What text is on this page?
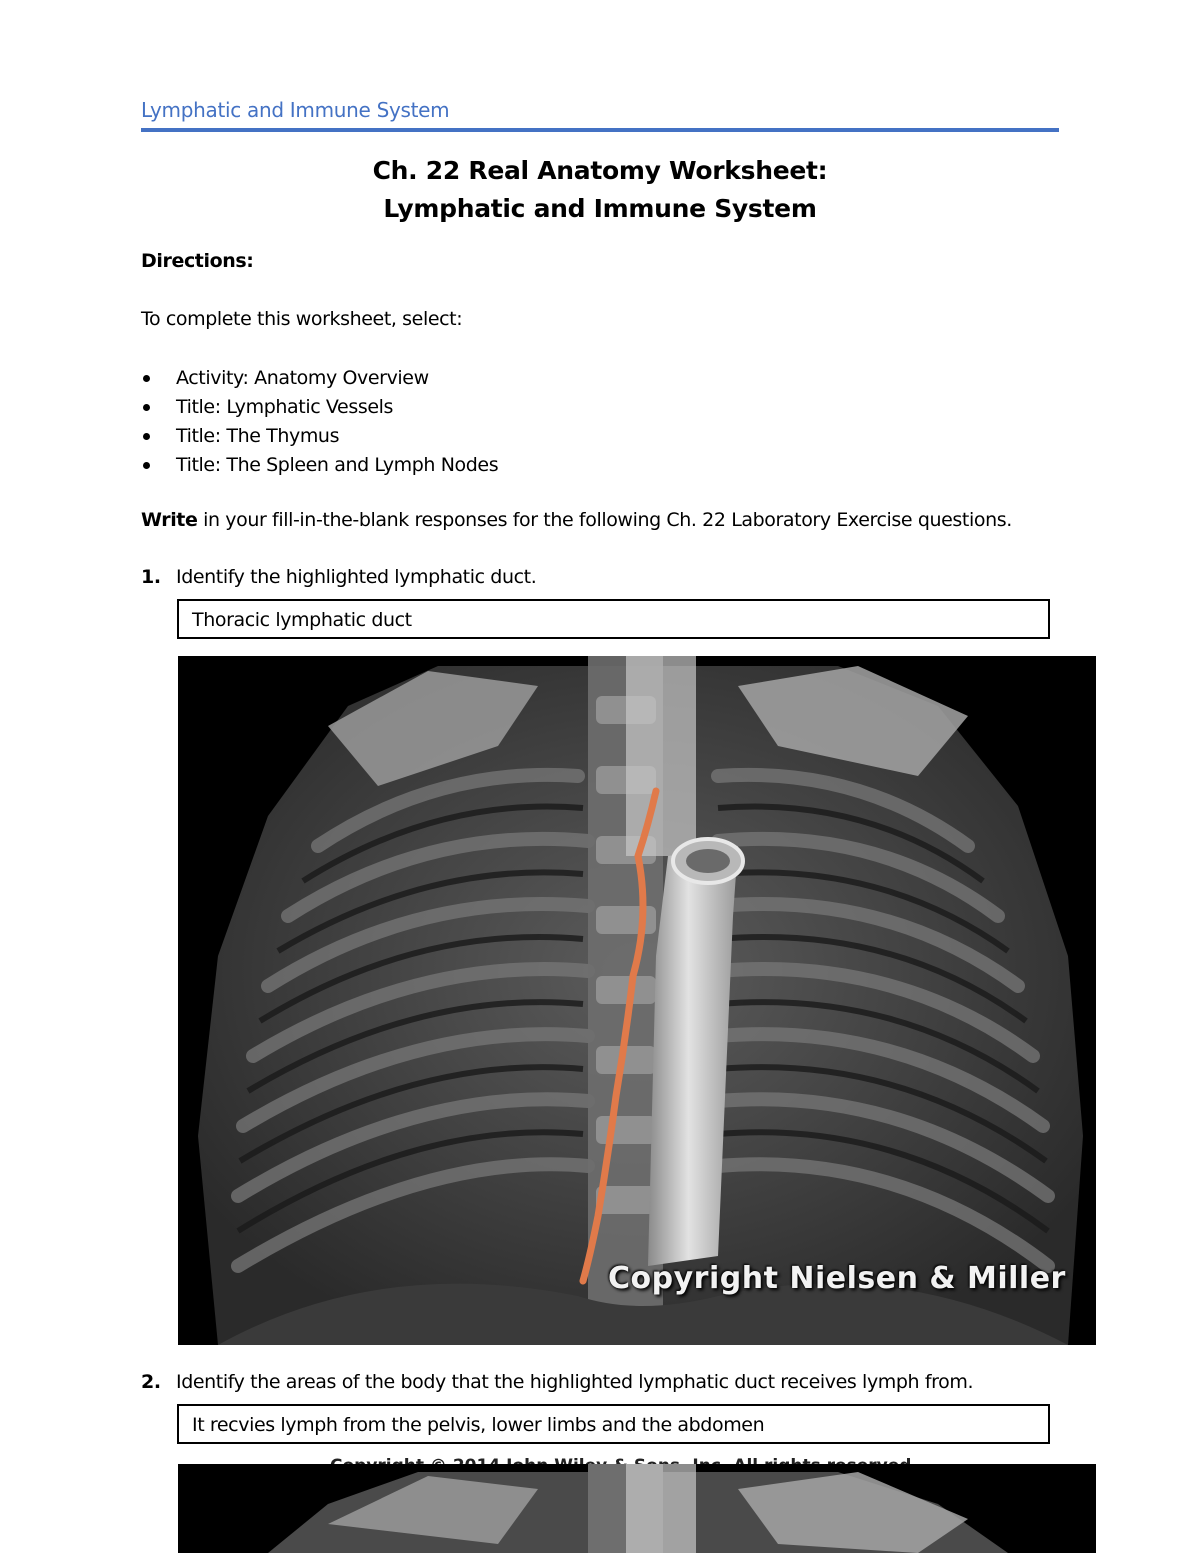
Lymphatic and Immune System
Ch. 22 Real Anatomy Worksheet:
Lymphatic and Immune System
Directions:
To complete this worksheet, select:
Activity: Anatomy Overview
Title: Lymphatic Vessels
Title: The Thymus
Title: The Spleen and Lymph Nodes
Write in your fill-in-the-blank responses for the following Ch. 22 Laboratory Exercise questions.
1. Identify the highlighted lymphatic duct.
Thoracic lymphatic duct
Copyright Nielsen & Miller
2. Identify the areas of the body that the highlighted lymphatic duct receives lymph from.
It recvies lymph from the pelvis, lower limbs and the abdomen
